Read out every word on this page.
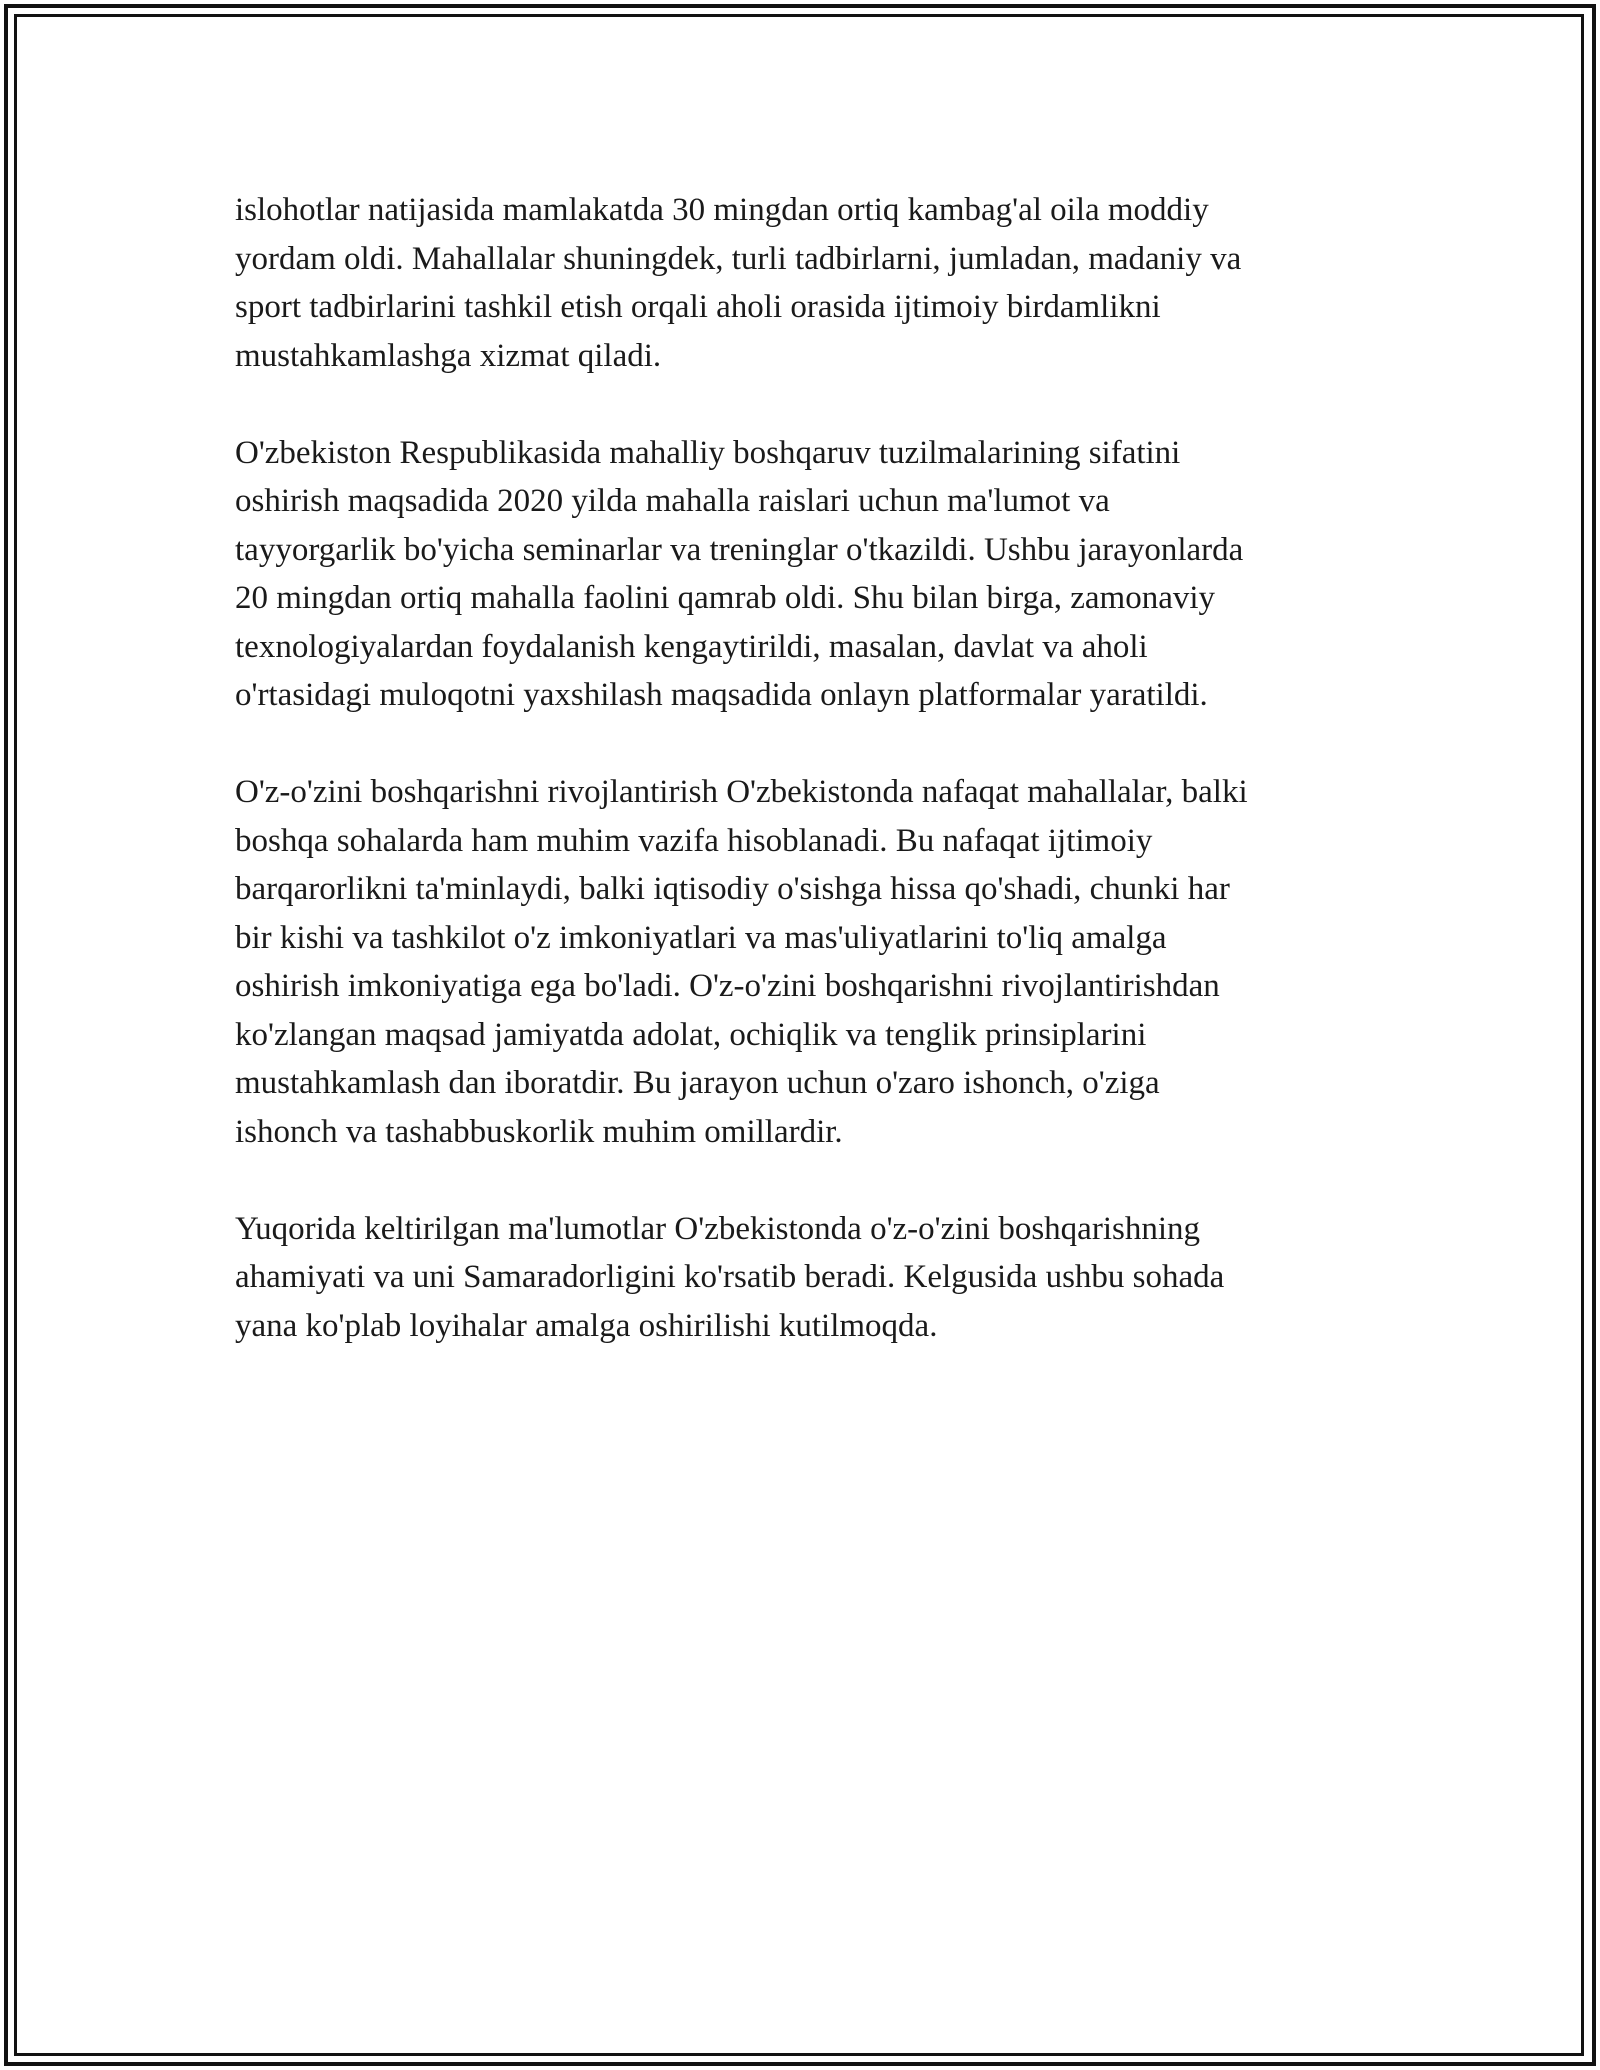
islohotlar natijasida mamlakatda 30 mingdan ortiq kambag'al oila moddiy
yordam oldi. Mahallalar shuningdek, turli tadbirlarni, jumladan, madaniy va
sport tadbirlarini tashkil etish orqali aholi orasida ijtimoiy birdamlikni
mustahkamlashga xizmat qiladi.

O'zbekiston Respublikasida mahalliy boshqaruv tuzilmalarining sifatini
oshirish maqsadida 2020 yilda mahalla raislari uchun ma'lumot va
tayyorgarlik bo'yicha seminarlar va treninglar o'tkazildi. Ushbu jarayonlarda
20 mingdan ortiq mahalla faolini qamrab oldi. Shu bilan birga, zamonaviy
texnologiyalardan foydalanish kengaytirildi, masalan, davlat va aholi
o'rtasidagi muloqotni yaxshilash maqsadida onlayn platformalar yaratildi.

O'z-o'zini boshqarishni rivojlantirish O'zbekistonda nafaqat mahallalar, balki
boshqa sohalarda ham muhim vazifa hisoblanadi. Bu nafaqat ijtimoiy
barqarorlikni ta'minlaydi, balki iqtisodiy o'sishga hissa qo'shadi, chunki har
bir kishi va tashkilot o'z imkoniyatlari va mas'uliyatlarini to'liq amalga
oshirish imkoniyatiga ega bo'ladi. O'z-o'zini boshqarishni rivojlantirishdan
ko'zlangan maqsad jamiyatda adolat, ochiqlik va tenglik prinsiplarini
mustahkamlash dan iboratdir. Bu jarayon uchun o'zaro ishonch, o'ziga
ishonch va tashabbuskorlik muhim omillardir.

Yuqorida keltirilgan ma'lumotlar O'zbekistonda o'z-o'zini boshqarishning
ahamiyati va uni Samaradorligini ko'rsatib beradi. Kelgusida ushbu sohada
yana ko'plab loyihalar amalga oshirilishi kutilmoqda.
